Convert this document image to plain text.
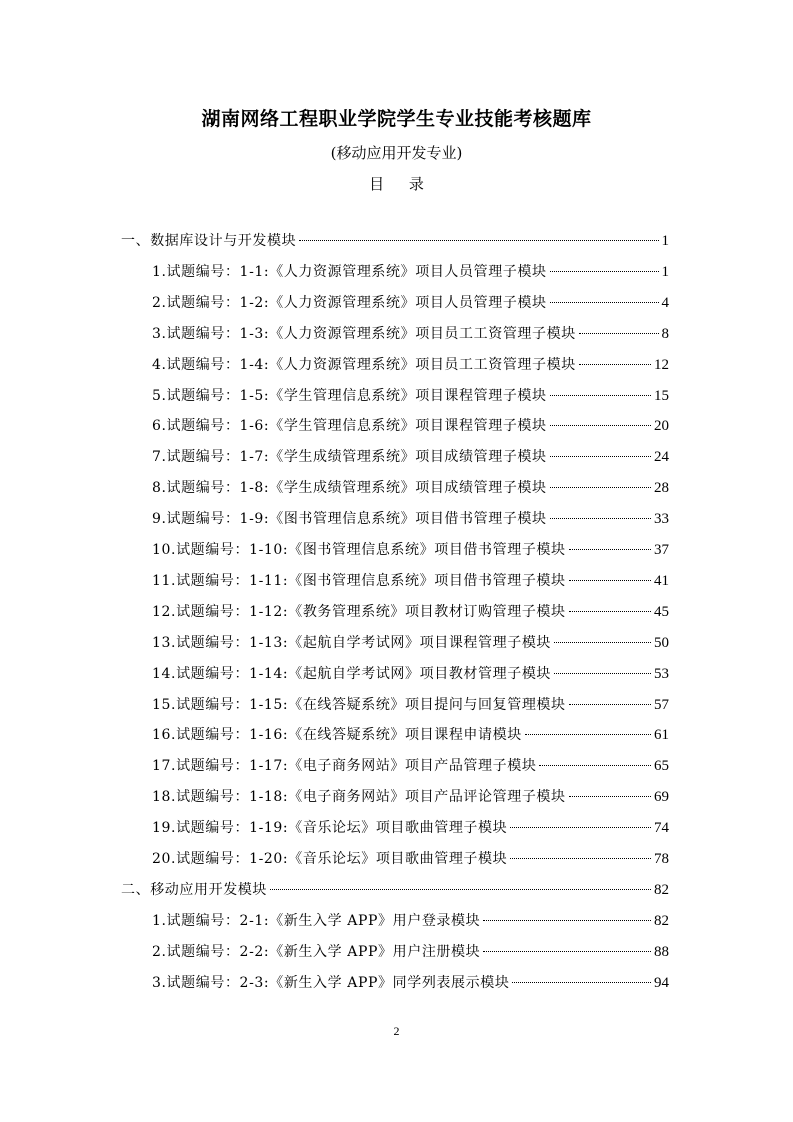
湖南网络工程职业学院学生专业技能考核题库
(移动应用开发专业)
目 录
一、数据库设计与开发模块	1
1.试题编号：1-1:《人力资源管理系统》项目人员管理子模块	1
2.试题编号：1-2:《人力资源管理系统》项目人员管理子模块	4
3.试题编号：1-3:《人力资源管理系统》项目员工工资管理子模块	8
4.试题编号：1-4:《人力资源管理系统》项目员工工资管理子模块	12
5.试题编号：1-5:《学生管理信息系统》项目课程管理子模块	15
6.试题编号：1-6:《学生管理信息系统》项目课程管理子模块	20
7.试题编号：1-7:《学生成绩管理系统》项目成绩管理子模块	24
8.试题编号：1-8:《学生成绩管理系统》项目成绩管理子模块	28
9.试题编号：1-9:《图书管理信息系统》项目借书管理子模块	33
10.试题编号：1-10:《图书管理信息系统》项目借书管理子模块	37
11.试题编号：1-11:《图书管理信息系统》项目借书管理子模块	41
12.试题编号：1-12:《教务管理系统》项目教材订购管理子模块	45
13.试题编号：1-13:《起航自学考试网》项目课程管理子模块	50
14.试题编号：1-14:《起航自学考试网》项目教材管理子模块	53
15.试题编号：1-15:《在线答疑系统》项目提问与回复管理模块	57
16.试题编号：1-16:《在线答疑系统》项目课程申请模块	61
17.试题编号：1-17:《电子商务网站》项目产品管理子模块	65
18.试题编号：1-18:《电子商务网站》项目产品评论管理子模块	69
19.试题编号：1-19:《音乐论坛》项目歌曲管理子模块	74
20.试题编号：1-20:《音乐论坛》项目歌曲管理子模块	78
二、移动应用开发模块	82
1.试题编号：2-1:《新生入学 APP》用户登录模块	82
2.试题编号：2-2:《新生入学 APP》用户注册模块	88
3.试题编号：2-3:《新生入学 APP》同学列表展示模块	94
2
